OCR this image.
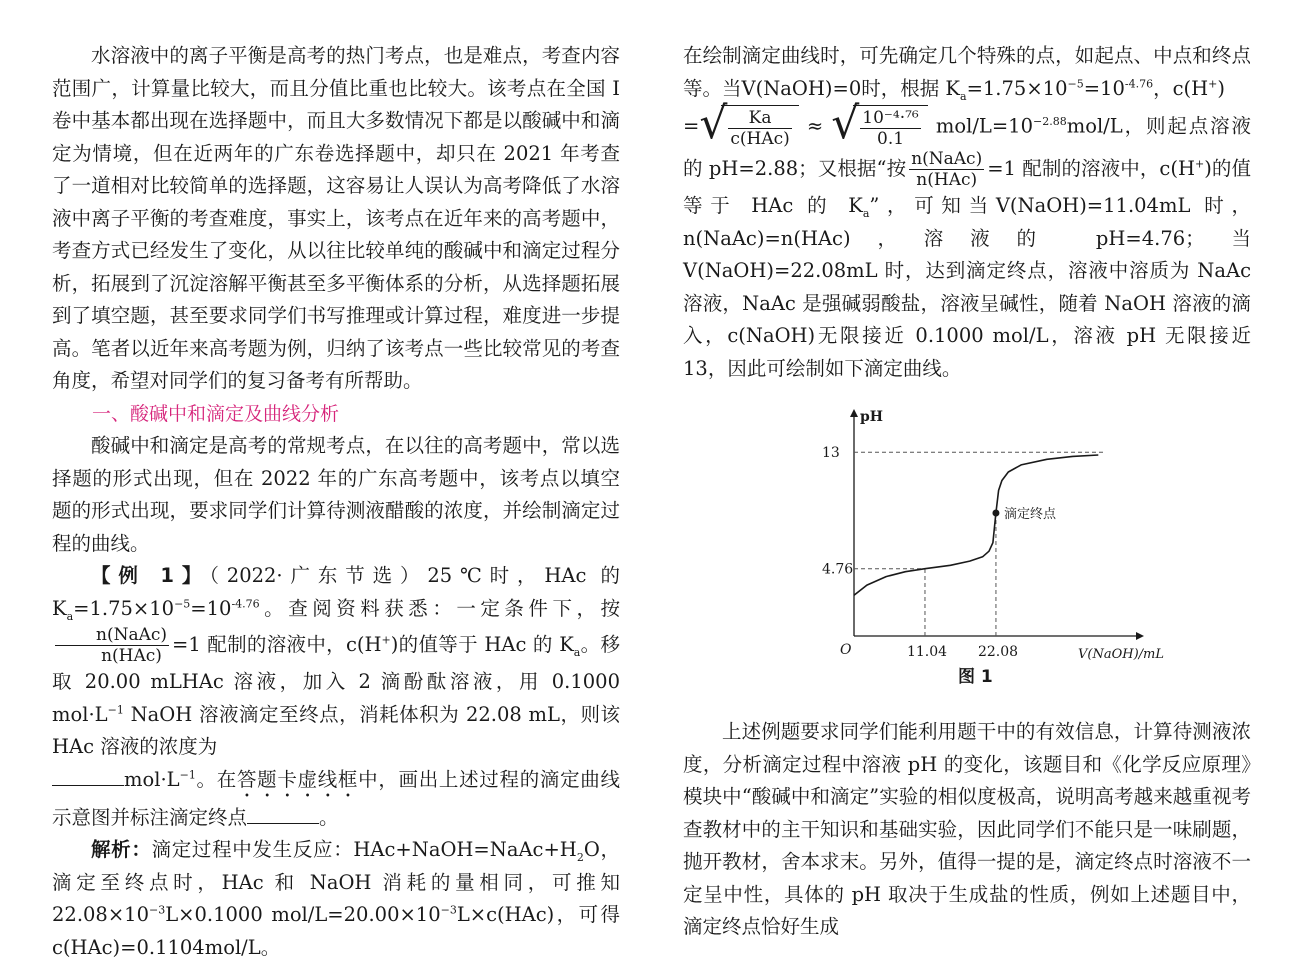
水溶液中的离子平衡是高考的热门考点，也是难点，考查内容范围广，计算量比较大，而且分值比重也比较大。该考点在全国 I 卷中基本都出现在选择题中，而且大多数情况下都是以酸碱中和滴定为情境，但在近两年的广东卷选择题中，却只在 2021 年考查了一道相对比较简单的选择题，这容易让人误认为高考降低了水溶液中离子平衡的考查难度，事实上，该考点在近年来的高考题中，考查方式已经发生了变化，从以往比较单纯的酸碱中和滴定过程分析，拓展到了沉淀溶解平衡甚至多平衡体系的分析，从选择题拓展到了填空题，甚至要求同学们书写推理或计算过程，难度进一步提高。笔者以近年来高考题为例，归纳了该考点一些比较常见的考查角度，希望对同学们的复习备考有所帮助。

一、酸碱中和滴定及曲线分析

酸碱中和滴定是高考的常规考点，在以往的高考题中，常以选择题的形式出现，但在 2022 年的广东高考题中，该考点以填空题的形式出现，要求同学们计算待测液醋酸的浓度，并绘制滴定过程的曲线。

【例 1】（2022·广东节选）25℃时，HAc 的 $K_a=1.75\times 10^{-5}=10^{-4.76}$。查阅资料获悉：一定条件下，按
$\frac{\text{n(NaAc)}}{\text{n(HAc)}} =1$ 配制的溶液中，c(H+)的值等于 HAc 的 $K_a$。移取 20.00 mLHAc 溶液，加入 2 滴酚酞溶液，用 0.1000 $mol\cdot L^{-1}$ NaOH 溶液滴定至终点，消耗体积为 22.08 mL，则该 HAc 溶液的浓度为
$mol\cdot L^{-1}$。在答题卡虚线框中，画出上述过程的滴定曲线示意图并标注滴定终点	。

解析：滴定过程中发生反应：$HAc+NaOH=NaAc+H_2O$，滴定至终点时，HAc 和 NaOH 消耗的量相同，可推知 $22.08\times 10^{-3}L\times 0.1000$ mol/$L=20.00\times 10^{-3}L\times c(HAc)$，可得 c(HAc)=0.1104mol/L。

在绘制滴定曲线时，可先确定几个特殊的点，如起点、中点和终点等。当V(NaOH)=0时，根据 $K_a=1.75\times 10^{-5}=10^{-4.76}$，c(H+)
= √ $\frac{Ka}{\text{c(HAc)}}$ ≈ √ $\frac{\text{10⁻⁴·⁷⁶}}{0.1} mol/L=10^{-2.88}mol/L$，则起点溶液的 pH=2.88；又根据“按 $\frac{\text{n(NaAc)}}{\text{n(HAc)}} =1$ 配制的溶液中，c(H+)的值等于 HAc 的 $K_a$”，可知当V(NaOH)=11.04mL 时，n(NaAc)=n(HAc)，溶液的 pH=4.76；当 V(NaOH)=22.08mL 时，达到滴定终点，溶液中溶质为 NaAc 溶液，NaAc 是强碱弱酸盐，溶液呈碱性，随着 NaOH 溶液的滴入，c(NaOH)无限接近 0.1000 mol/L，溶液 pH 无限接近 13，因此可绘制如下滴定曲线。

pH
V(NaOH)/mL
O
4.76
13
11.04 22.08
滴定终点
图 1

上述例题要求同学们能利用题干中的有效信息，计算待测液浓度，分析滴定过程中溶液 pH 的变化，该题目和《化学反应原理》模块中“酸碱中和滴定”实验的相似度极高，说明高考越来越重视考查教材中的主干知识和基础实验，因此同学们不能只是一味刷题，抛开教材，舍本求末。另外，值得一提的是，滴定终点时溶液不一定呈中性，具体的 pH 取决于生成盐的性质，例如上述题目中，滴定终点恰好生成
